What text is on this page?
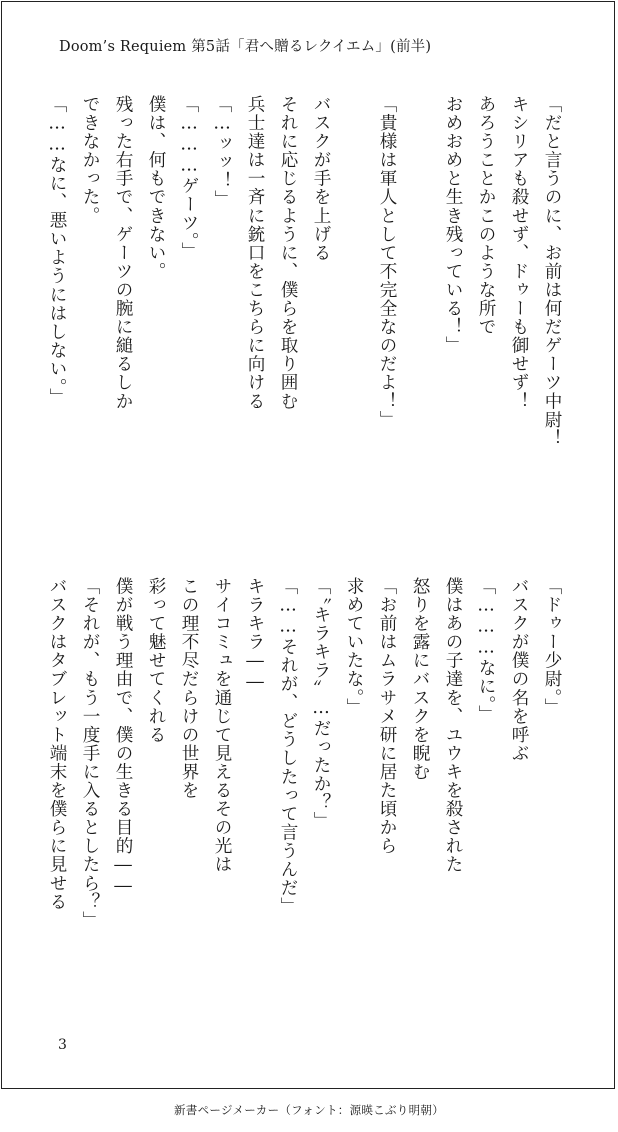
Doom’s Requiem 第5話「君へ贈るレクイエム」(前半)
「だと言うのに、お前は何だゲーツ中尉！
キシリアも殺せず、ドゥーも御せず！
あろうことかこのような所で
おめおめと生き残っている！」
「貴様は軍人として不完全なのだよ！」
バスクが手を上げる
それに応じるように、僕らを取り囲む
兵士達は一斉に銃口をこちらに向ける
「…ッッ！」
「………ゲーツ。」
僕は、何もできない。
残った右手で、ゲーツの腕に縋るしか
できなかった。
「……なに、悪いようにはしない。」
「ドゥー少尉。」
バスクが僕の名を呼ぶ
「………なに。」
僕はあの子達を、ユウキを殺された
怒りを露にバスクを睨む
「お前はムラサメ研に居た頃から
求めていたな。」
「〝キラキラ〟…だったか？」
「……それが、どうしたって言うんだ」
キラキラ――
サイコミュを通じて見えるその光は
この理不尽だらけの世界を
彩って魅せてくれる
僕が戦う理由で、僕の生きる目的――
「それが、もう一度手に入るとしたら？」
バスクはタブレット端末を僕らに見せる
3
新書ページメーカー（フォント：源暎こぶり明朝）
